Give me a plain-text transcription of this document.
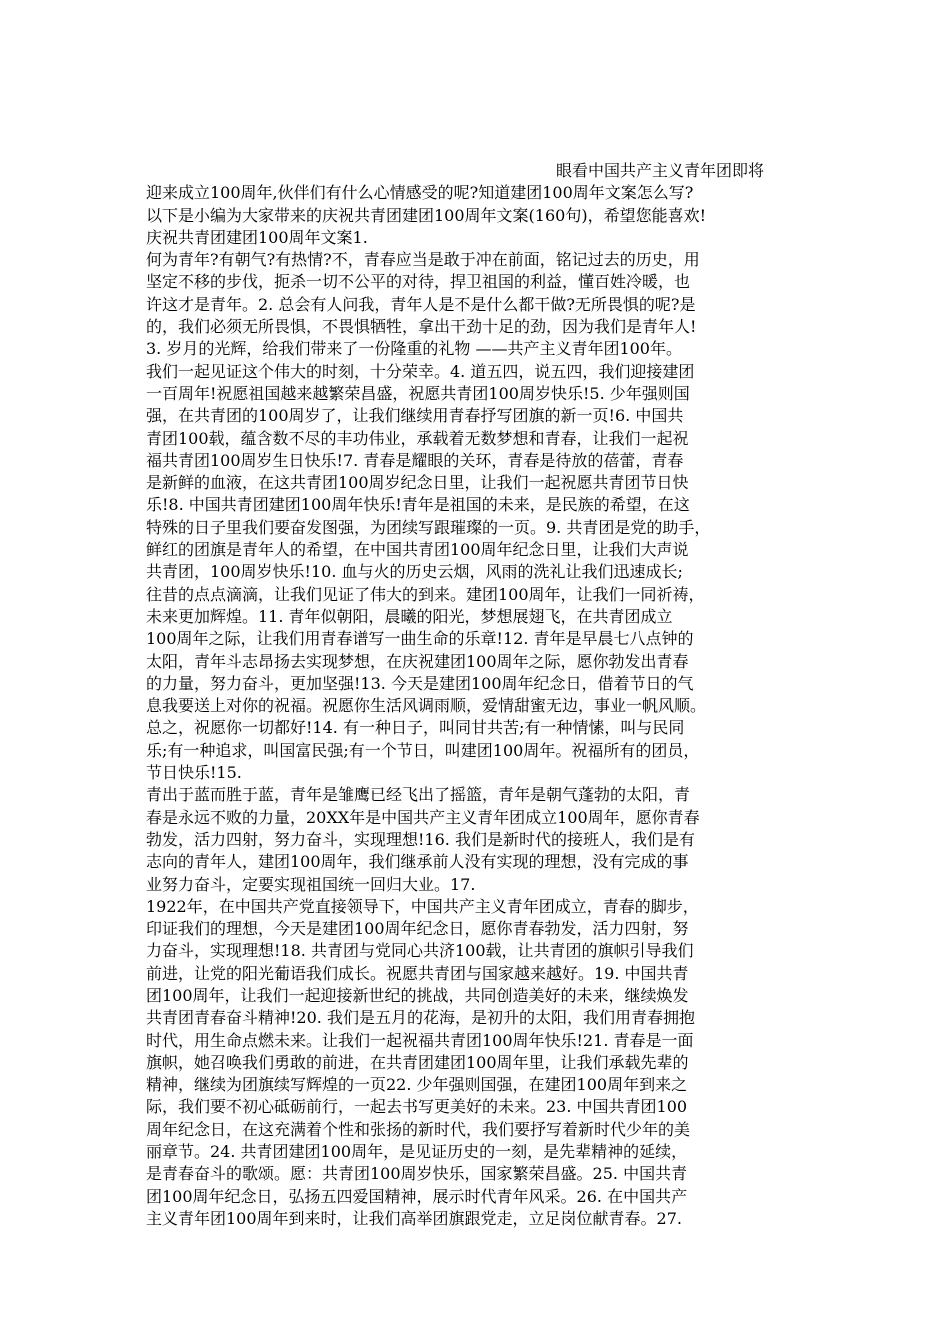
眼看中国共产主义青年团即将
迎来成立100周年,伙伴们有什么心情感受的呢?知道建团100周年文案怎么写?
以下是小编为大家带来的庆祝共青团建团100周年文案(160句)，希望您能喜欢!
庆祝共青团建团100周年文案1.
何为青年?有朝气?有热情?不，青春应当是敢于冲在前面，铭记过去的历史，用
坚定不移的步伐，扼杀一切不公平的对待，捍卫祖国的利益，懂百姓冷暖，也
许这才是青年。2. 总会有人问我，青年人是不是什么都干做?无所畏惧的呢?是
的，我们必须无所畏惧，不畏惧牺牲，拿出干劲十足的劲，因为我们是青年人!
3. 岁月的光辉，给我们带来了一份隆重的礼物 ——共产主义青年团100年。
我们一起见证这个伟大的时刻，十分荣幸。4. 道五四，说五四，我们迎接建团
一百周年!祝愿祖国越来越繁荣昌盛，祝愿共青团100周岁快乐!5. 少年强则国
强，在共青团的100周岁了，让我们继续用青春抒写团旗的新一页!6. 中国共
青团100载，蕴含数不尽的丰功伟业，承载着无数梦想和青春，让我们一起祝
福共青团100周岁生日快乐!7. 青春是耀眼的关环，青春是待放的蓓蕾，青春
是新鲜的血液，在这共青团100周岁纪念日里，让我们一起祝愿共青团节日快
乐!8. 中国共青团建团100周年快乐!青年是祖国的未来，是民族的希望，在这
特殊的日子里我们要奋发图强，为团续写跟璀璨的一页。9. 共青团是党的助手，
鲜红的团旗是青年人的希望，在中国共青团100周年纪念日里，让我们大声说
共青团，100周岁快乐!10. 血与火的历史云烟，风雨的洗礼让我们迅速成长;
往昔的点点滴滴，让我们见证了伟大的到来。建团100周年，让我们一同祈祷，
未来更加辉煌。11. 青年似朝阳，晨曦的阳光，梦想展翅飞，在共青团成立
100周年之际，让我们用青春谱写一曲生命的乐章!12. 青年是早晨七八点钟的
太阳，青年斗志昂扬去实现梦想，在庆祝建团100周年之际，愿你勃发出青春
的力量，努力奋斗，更加坚强!13. 今天是建团100周年纪念日，借着节日的气
息我要送上对你的祝福。祝愿你生活风调雨顺，爱情甜蜜无边，事业一帆风顺。
总之，祝愿你一切都好!14. 有一种日子，叫同甘共苦;有一种情愫，叫与民同
乐;有一种追求，叫国富民强;有一个节日，叫建团100周年。祝福所有的团员，
节日快乐!15.
青出于蓝而胜于蓝，青年是雏鹰已经飞出了摇篮，青年是朝气蓬勃的太阳，青
春是永远不败的力量，20XX年是中国共产主义青年团成立100周年，愿你青春
勃发，活力四射，努力奋斗，实现理想!16. 我们是新时代的接班人，我们是有
志向的青年人，建团100周年，我们继承前人没有实现的理想，没有完成的事
业努力奋斗，定要实现祖国统一回归大业。17.
1922年，在中国共产党直接领导下，中国共产主义青年团成立，青春的脚步，
印证我们的理想，今天是建团100周年纪念日，愿你青春勃发，活力四射，努
力奋斗，实现理想!18. 共青团与党同心共济100载，让共青团的旗帜引导我们
前进，让党的阳光葡语我们成长。祝愿共青团与国家越来越好。19. 中国共青
团100周年，让我们一起迎接新世纪的挑战，共同创造美好的未来，继续焕发
共青团青春奋斗精神!20. 我们是五月的花海，是初升的太阳，我们用青春拥抱
时代，用生命点燃未来。让我们一起祝福共青团100周年快乐!21. 青春是一面
旗帜，她召唤我们勇敢的前进，在共青团建团100周年里，让我们承载先辈的
精神，继续为团旗续写辉煌的一页22. 少年强则国强，在建团100周年到来之
际，我们要不初心砥砺前行，一起去书写更美好的未来。23. 中国共青团100
周年纪念日，在这充满着个性和张扬的新时代，我们要抒写着新时代少年的美
丽章节。24. 共青团建团100周年，是见证历史的一刻，是先辈精神的延续，
是青春奋斗的歌颂。愿：共青团100周岁快乐，国家繁荣昌盛。25. 中国共青
团100周年纪念日，弘扬五四爱国精神，展示时代青年风采。26. 在中国共产
主义青年团100周年到来时，让我们高举团旗跟党走，立足岗位献青春。27.
